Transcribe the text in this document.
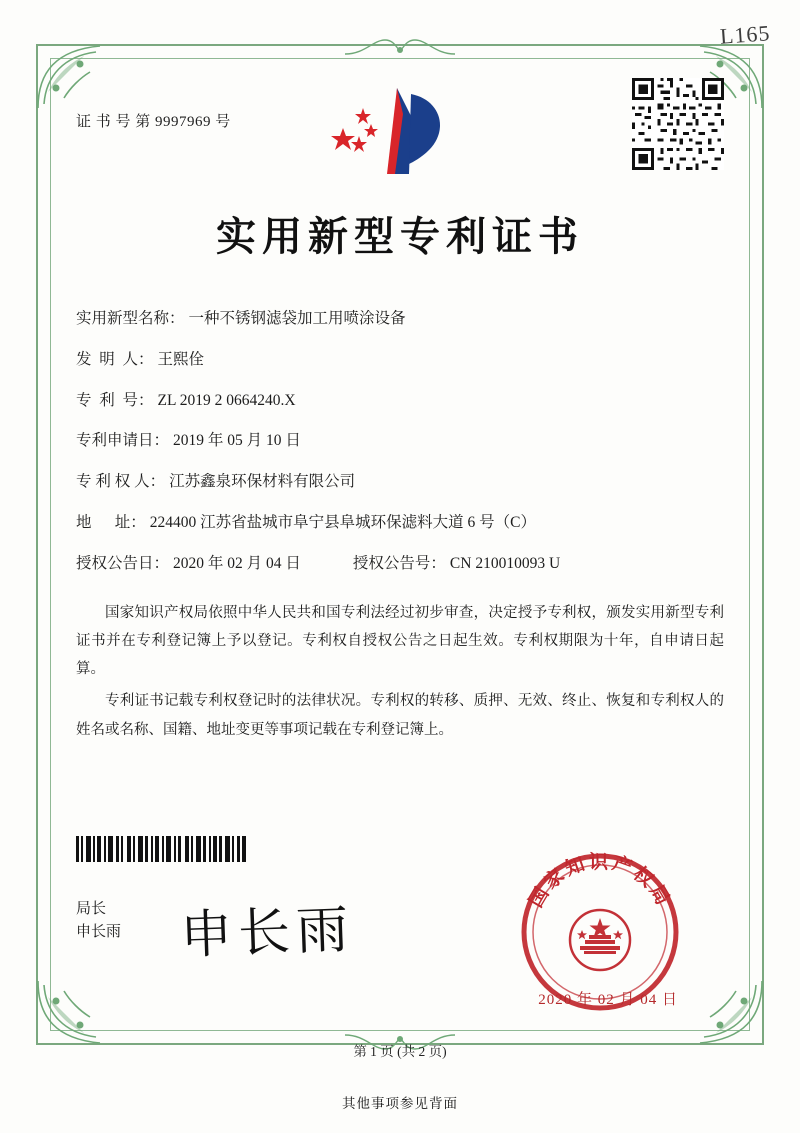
L165
证 书 号 第 9997969 号
实用新型专利证书
实用新型名称： 一种不锈钢滤袋加工用喷涂设备
发  明  人： 王熙佺
专  利  号： ZL 2019 2 0664240.X
专利申请日： 2019 年 05 月 10 日
专 利 权 人： 江苏鑫泉环保材料有限公司
地      址： 224400 江苏省盐城市阜宁县阜城环保滤料大道 6 号（C）
授权公告日： 2020 年 02 月 04 日	授权公告号： CN 210010093 U

国家知识产权局依照中华人民共和国专利法经过初步审查，决定授予专利权，颁发实用新型专利证书并在专利登记簿上予以登记。专利权自授权公告之日起生效。专利权期限为十年，自申请日起算。

专利证书记载专利权登记时的法律状况。专利权的转移、质押、无效、终止、恢复和专利权人的姓名或名称、国籍、地址变更等事项记载在专利登记簿上。

局长
申长雨 申长雨
国家知识产权局
2020 年 02 月 04 日
第 1 页 (共 2 页)
其他事项参见背面
